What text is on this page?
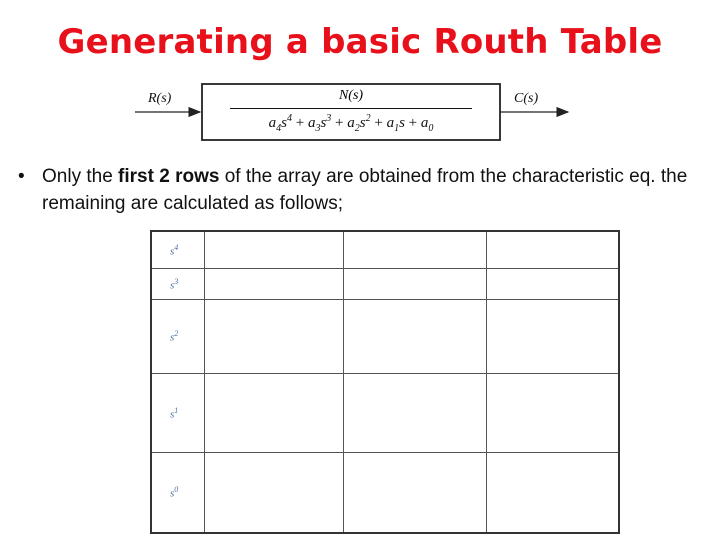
Generating a basic Routh Table
R(s)	C(s)
N(s)
$a_4s^4 + a_3s^3 + a_2s^2 + a_1s + a_0$
• Only the first 2 rows of the array are obtained from the characteristic eq. the remaining are calculated as follows;
$s^4$			
$s^3$			
$s^2$			
$s^1$			
$s^0$			
